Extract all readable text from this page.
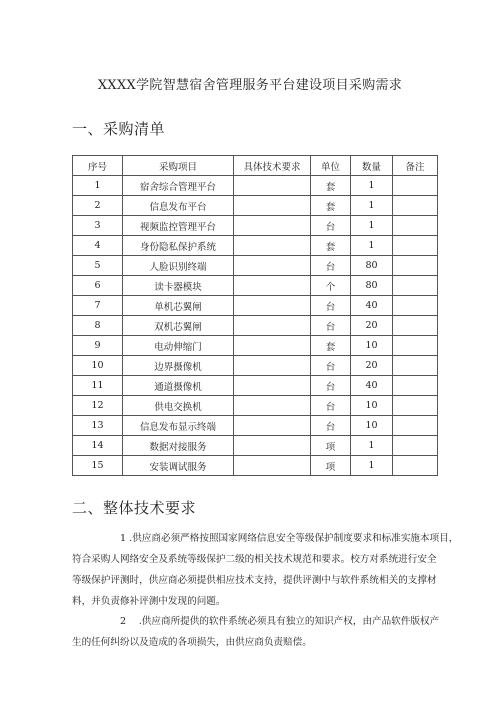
XXXX学院智慧宿舍管理服务平台建设项目采购需求
一、采购清单
序号	采购项目	具体技术要求	单位	数量	备注
1	宿舍综合管理平台		套	1	
2	信息发布平台		套	1	
3	视频监控管理平台		台	1	
4	身份隐私保护系统		套	1	
5	人脸识别终端		台	80	
6	读卡器模块		个	80	
7	单机芯翼闸		台	40	
8	双机芯翼闸		台	20	
9	电动伸缩门		套	10	
10	边界摄像机		台	20	
11	通道摄像机		台	40	
12	供电交换机		台	10	
13	信息发布显示终端		台	10	
14	数据对接服务		项	1	
15	安装调试服务		项	1	
二、整体技术要求
1 .供应商必须严格按照国家网络信息安全等级保护制度要求和标准实施本项目，
符合采购人网络安全及系统等级保护二级的相关技术规范和要求。校方对系统进行安全
等级保护评测时，供应商必须提供相应技术支持，提供评测中与软件系统相关的支撑材
料，并负责修补评测中发现的问题。
2　 .供应商所提供的软件系统必须具有独立的知识产权，由产品软件版权产
生的任何纠纷以及造成的各项损失，由供应商负责赔偿。
